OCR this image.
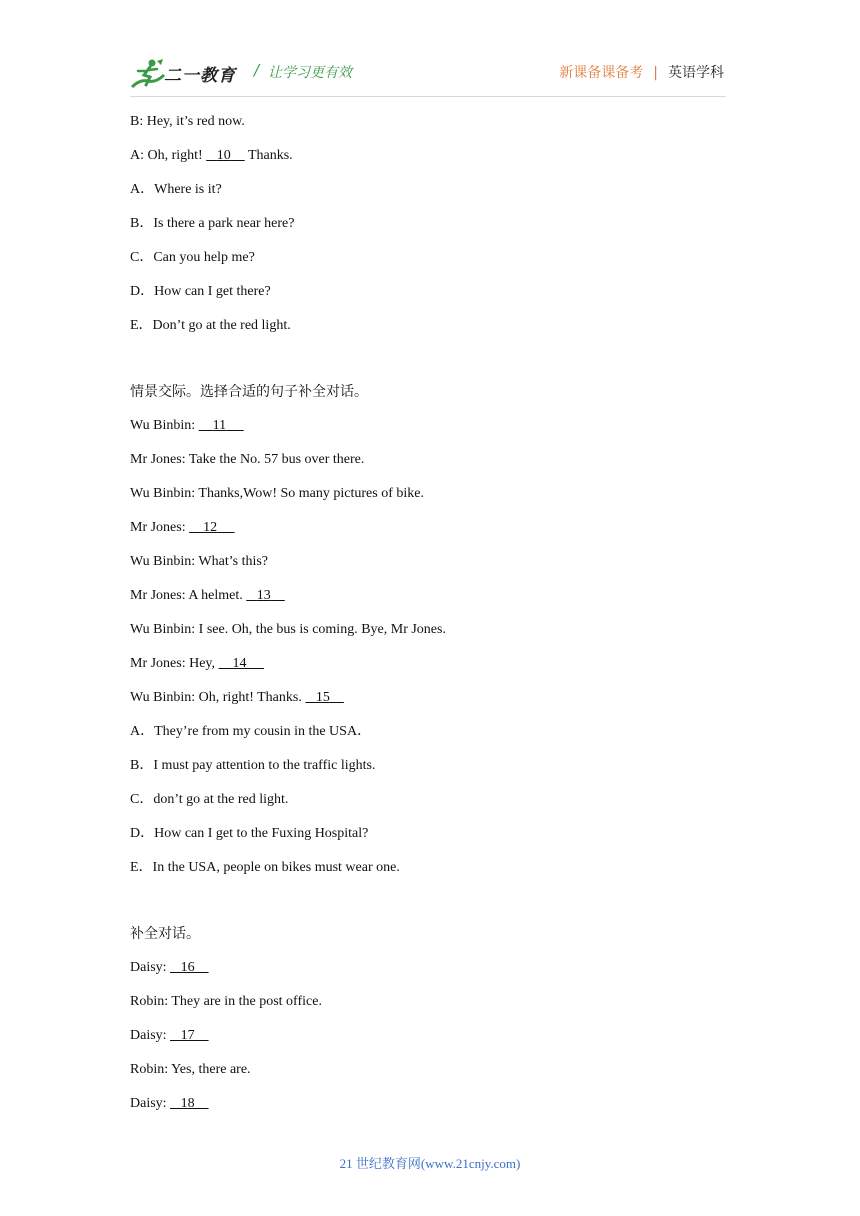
二一教育 / 让学习更有效	新课备课备考 | 英语学科
B: Hey, it’s red now.
A: Oh, right! 10 Thanks.
A．Where is it?
B．Is there a park near here?
C．Can you help me?
D．How can I get there?
E．Don’t go at the red light.
情景交际。选择合适的句子补全对话。
Wu Binbin: 11
Mr Jones: Take the No. 57 bus over there.
Wu Binbin: Thanks,Wow! So many pictures of bike.
Mr Jones: 12
Wu Binbin: What’s this?
Mr Jones: A helmet. 13
Wu Binbin: I see. Oh, the bus is coming. Bye, Mr Jones.
Mr Jones: Hey, 14
Wu Binbin: Oh, right! Thanks. 15
A．They’re from my cousin in the USA．
B．I must pay attention to the traffic lights.
C．don’t go at the red light.
D．How can I get to the Fuxing Hospital?
E．In the USA, people on bikes must wear one.
补全对话。
Daisy: 16
Robin: They are in the post office.
Daisy: 17
Robin: Yes, there are.
Daisy: 18
21 世纪教育网(www.21cnjy.com)
